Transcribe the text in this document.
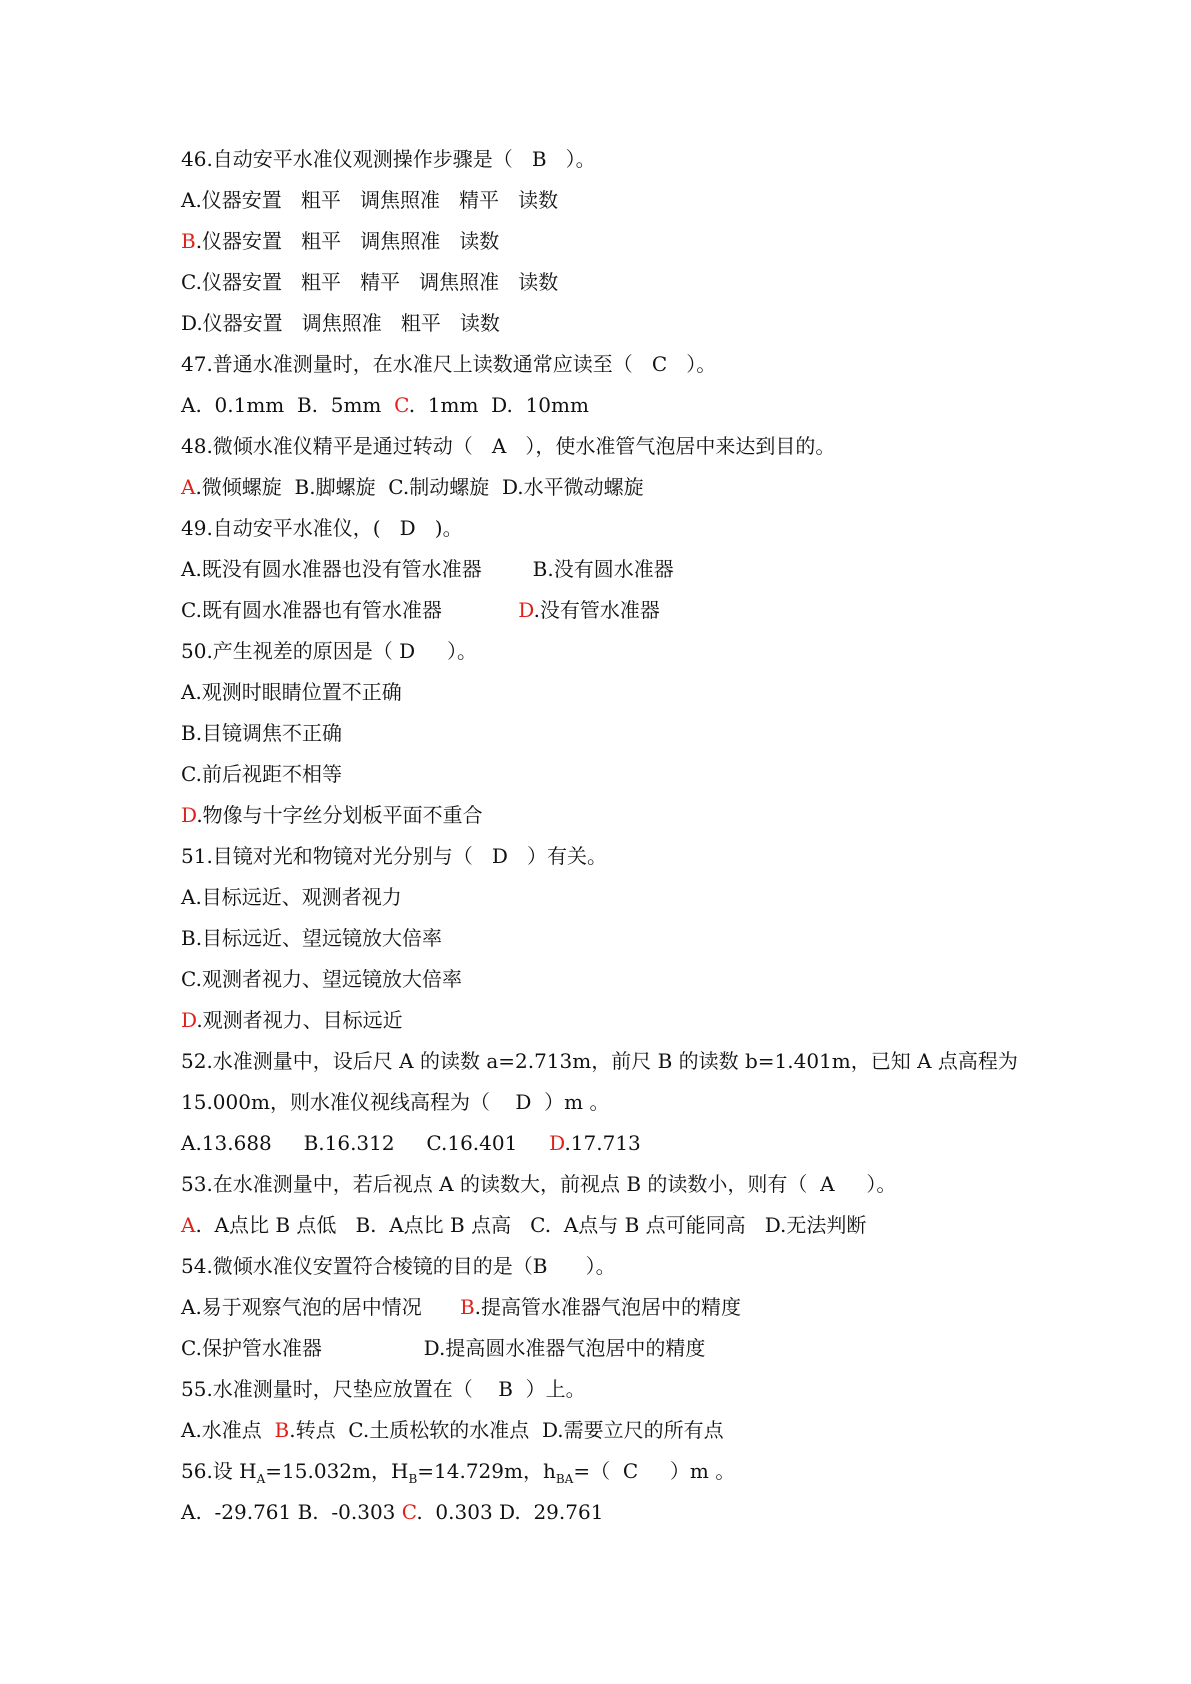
46.自动安平水准仪观测操作步骤是（   B   ）。
A.仪器安置   粗平   调焦照准   精平   读数
B.仪器安置   粗平   调焦照准   读数
C.仪器安置   粗平   精平   调焦照准   读数
D.仪器安置   调焦照准   粗平   读数
47.普通水准测量时，在水准尺上读数通常应读至（   C   ）。
A.  0.1mm  B.  5mm  C.  1mm  D.  10mm
48.微倾水准仪精平是通过转动（   A   ），使水准管气泡居中来达到目的。
A.微倾螺旋  B.脚螺旋  C.制动螺旋  D.水平微动螺旋
49.自动安平水准仪，(   D   )。
A.既没有圆水准器也没有管水准器        B.没有圆水准器
C.既有圆水准器也有管水准器            D.没有管水准器
50.产生视差的原因是（ D     ）。
A.观测时眼睛位置不正确
B.目镜调焦不正确
C.前后视距不相等
D.物像与十字丝分划板平面不重合
51.目镜对光和物镜对光分别与（   D   ）有关。
A.目标远近、观测者视力
B.目标远近、望远镜放大倍率
C.观测者视力、望远镜放大倍率
D.观测者视力、目标远近
52.水准测量中，设后尺 A 的读数 a=2.713m，前尺 B 的读数 b=1.401m，已知 A 点高程为
15.000m，则水准仪视线高程为（    D  ）m 。
A.13.688     B.16.312     C.16.401     D.17.713
53.在水准测量中，若后视点 A 的读数大，前视点 B 的读数小，则有（  A     ）。
A.  A点比 B 点低   B.  A点比 B 点高   C.  A点与 B 点可能同高   D.无法判断
54.微倾水准仪安置符合棱镜的目的是（B      ）。
A.易于观察气泡的居中情况      B.提高管水准器气泡居中的精度
C.保护管水准器                D.提高圆水准器气泡居中的精度
55.水准测量时，尺垫应放置在（    B  ）上。
A.水准点  B.转点  C.土质松软的水准点  D.需要立尺的所有点
56.设 $H_A=15.032m$，$H_B=14.729m$，$h_{BA}=$（  C     ）m 。
A.  -29.761 B.  -0.303 C.  0.303 D.  29.761
